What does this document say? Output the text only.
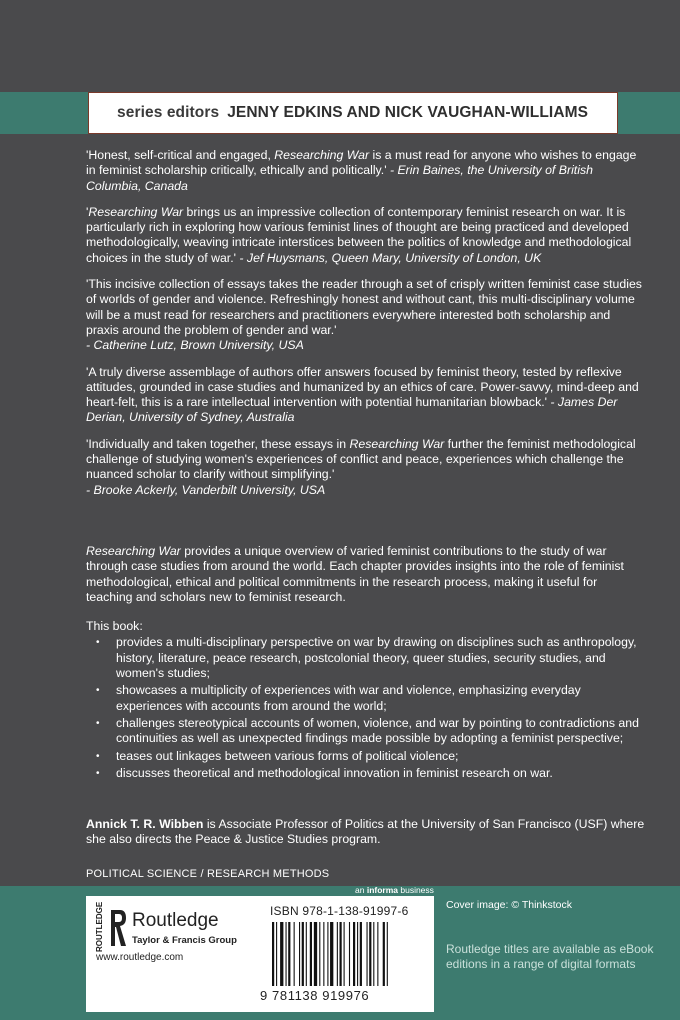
series editors JENNY EDKINS AND NICK VAUGHAN-WILLIAMS

'Honest, self-critical and engaged, Researching War is a must read for anyone who wishes to engage in feminist scholarship critically, ethically and politically.' - Erin Baines, the University of British Columbia, Canada

'Researching War brings us an impressive collection of contemporary feminist research on war. It is particularly rich in exploring how various feminist lines of thought are being practiced and developed methodologically, weaving intricate interstices between the politics of knowledge and methodological choices in the study of war.' - Jef Huysmans, Queen Mary, University of London, UK

'This incisive collection of essays takes the reader through a set of crisply written feminist case studies of worlds of gender and violence. Refreshingly honest and without cant, this multi-disciplinary volume will be a must read for researchers and practitioners everywhere interested both scholarship and praxis around the problem of gender and war.'
- Catherine Lutz, Brown University, USA

'A truly diverse assemblage of authors offer answers focused by feminist theory, tested by reflexive attitudes, grounded in case studies and humanized by an ethics of care. Power-savvy, mind-deep and heart-felt, this is a rare intellectual intervention with potential humanitarian blowback.' - James Der Derian, University of Sydney, Australia

'Individually and taken together, these essays in Researching War further the feminist methodological challenge of studying women's experiences of conflict and peace, experiences which challenge the nuanced scholar to clarify without simplifying.'
- Brooke Ackerly, Vanderbilt University, USA

Researching War provides a unique overview of varied feminist contributions to the study of war through case studies from around the world. Each chapter provides insights into the role of feminist methodological, ethical and political commitments in the research process, making it useful for teaching and scholars new to feminist research.

This book:

• provides a multi-disciplinary perspective on war by drawing on disciplines such as anthropology, history, literature, peace research, postcolonial theory, queer studies, security studies, and women's studies;
• showcases a multiplicity of experiences with war and violence, emphasizing everyday experiences with accounts from around the world;
• challenges stereotypical accounts of women, violence, and war by pointing to contradictions and continuities as well as unexpected findings made possible by adopting a feminist perspective;
• teases out linkages between various forms of political violence;
• discusses theoretical and methodological innovation in feminist research on war.

Annick T. R. Wibben is Associate Professor of Politics at the University of San Francisco (USF) where she also directs the Peace & Justice Studies program.

POLITICAL SCIENCE / RESEARCH METHODS
an informa business
ROUTLEDGE Routledge
Taylor & Francis Group
www.routledge.com
ISBN 978-1-138-91997-6
9 781138 919976
Cover image: © Thinkstock
Routledge titles are available as eBook editions in a range of digital formats
